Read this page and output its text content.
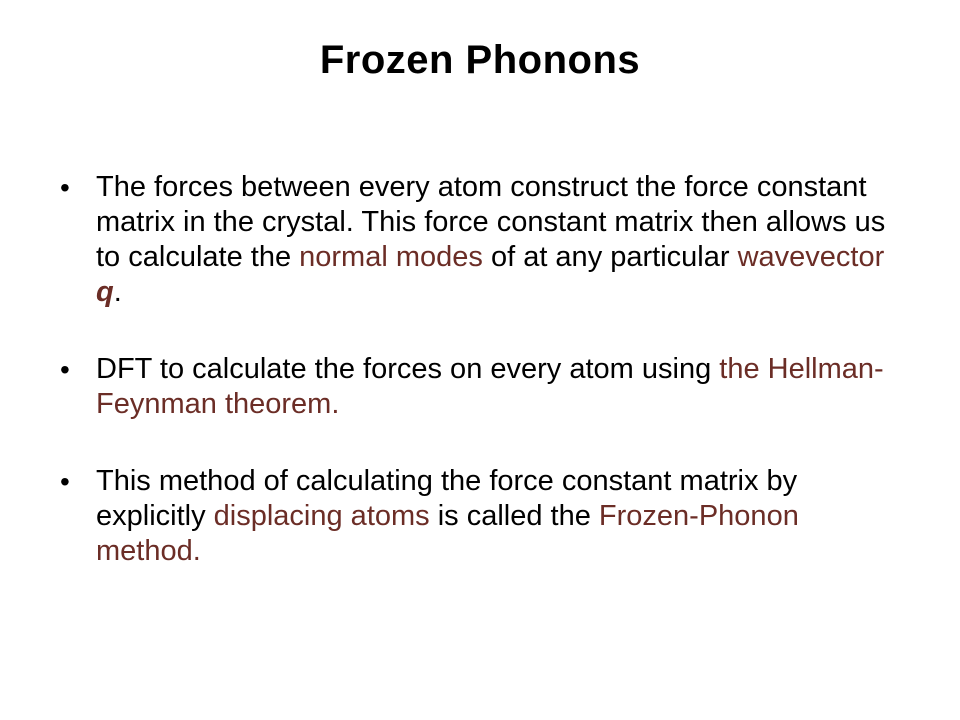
Frozen Phonons
• The forces between every atom construct the force constant matrix in the crystal. This force constant matrix then allows us to calculate the normal modes of at any particular wavevector q.
• DFT to calculate the forces on every atom using the Hellman-Feynman theorem.
• This method of calculating the force constant matrix by explicitly displacing atoms is called the Frozen-Phonon method.
